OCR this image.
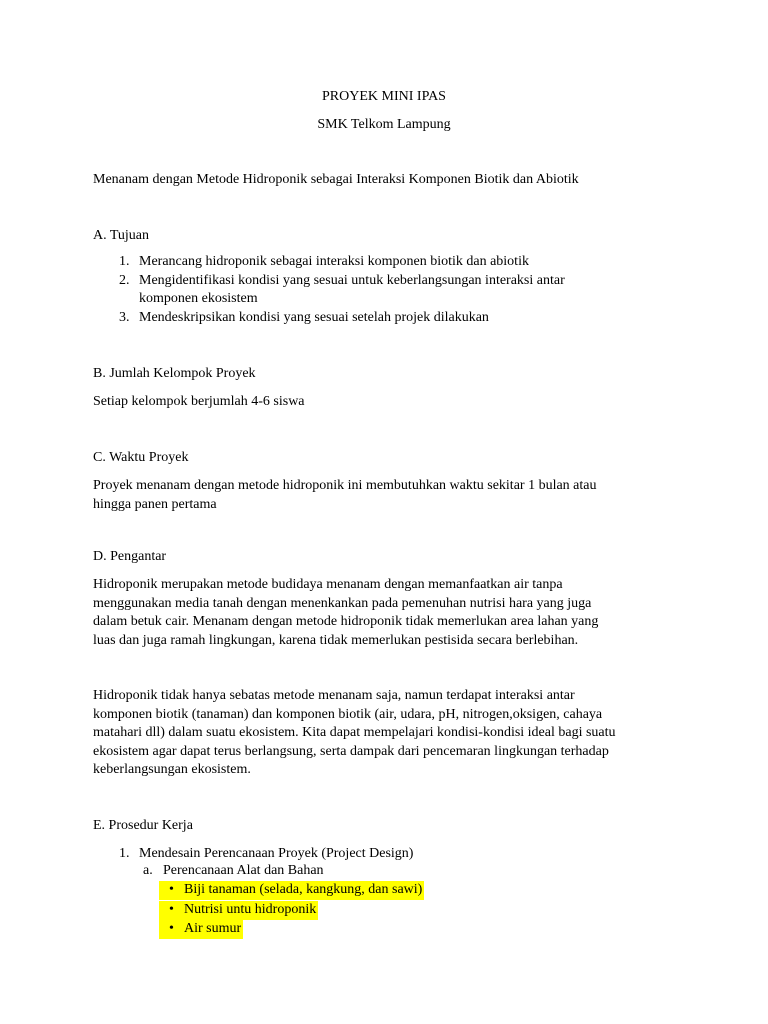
PROYEK MINI IPAS

SMK Telkom Lampung

Menanam dengan Metode Hidroponik sebagai Interaksi Komponen Biotik dan Abiotik

A. Tujuan

1. Merancang hidroponik sebagai interaksi komponen biotik dan abiotik
2. Mengidentifikasi kondisi yang sesuai untuk keberlangsungan interaksi antar
komponen ekosistem
3. Mendeskripsikan kondisi yang sesuai setelah projek dilakukan

B. Jumlah Kelompok Proyek

Setiap kelompok berjumlah 4-6 siswa

C. Waktu Proyek

Proyek menanam dengan metode hidroponik ini membutuhkan waktu sekitar 1 bulan atau
hingga panen pertama

D. Pengantar

Hidroponik merupakan metode budidaya menanam dengan memanfaatkan air tanpa
menggunakan media tanah dengan menenkankan pada pemenuhan nutrisi hara yang juga
dalam betuk cair. Menanam dengan metode hidroponik tidak memerlukan area lahan yang
luas dan juga ramah lingkungan, karena tidak memerlukan pestisida secara berlebihan.
Hidroponik tidak hanya sebatas metode menanam saja, namun terdapat interaksi antar
komponen biotik (tanaman) dan komponen biotik (air, udara, pH, nitrogen,oksigen, cahaya
matahari dll) dalam suatu ekosistem. Kita dapat mempelajari kondisi-kondisi ideal bagi suatu
ekosistem agar dapat terus berlangsung, serta dampak dari pencemaran lingkungan terhadap
keberlangsungan ekosistem.

E. Prosedur Kerja

1. Mendesain Perencanaan Proyek (Project Design)
a. Perencanaan Alat dan Bahan
• Biji tanaman (selada, kangkung, dan sawi)
• Nutrisi untu hidroponik
• Air sumur
